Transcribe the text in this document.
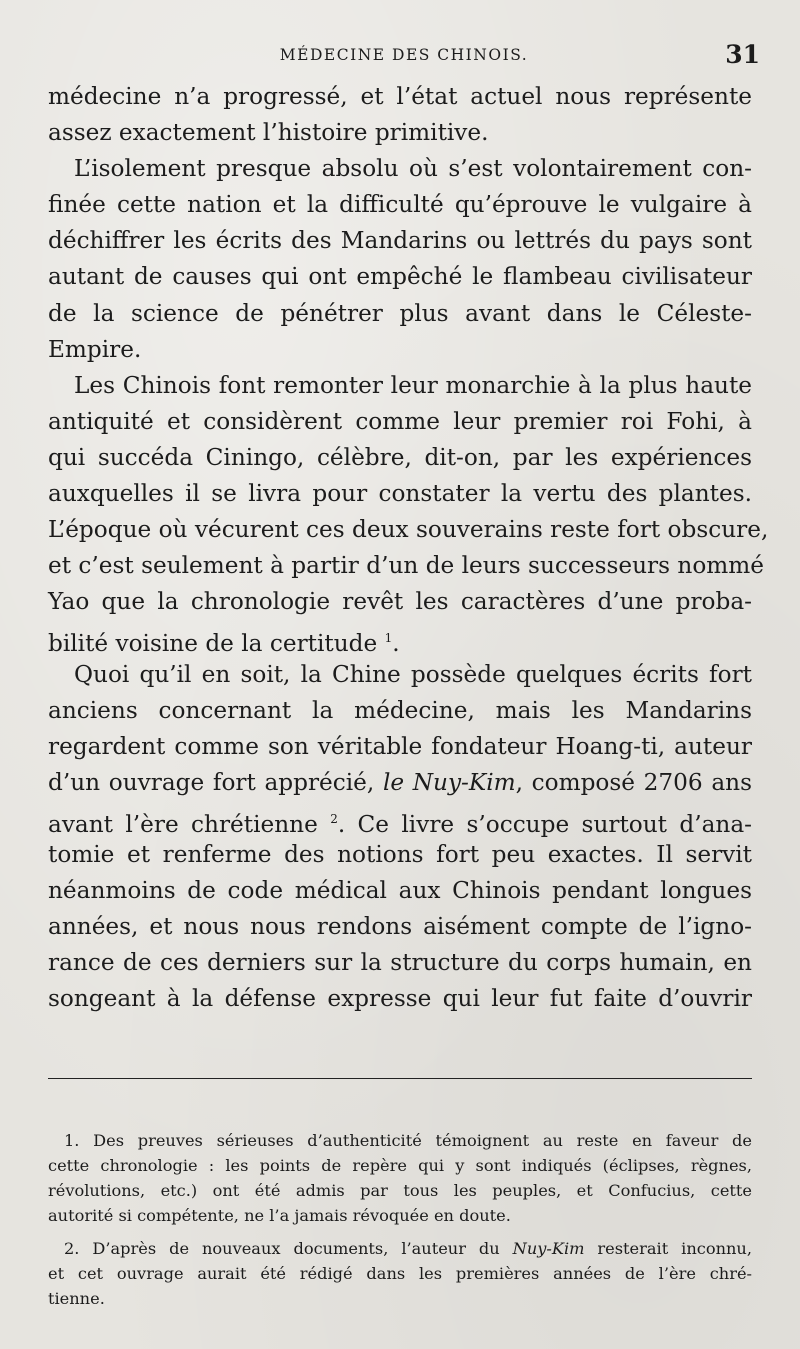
MÉDECINE DES CHINOIS.	31
médecine n’a progressé, et l’état actuel nous représente
assez exactement l’histoire primitive.
L’isolement presque absolu où s’est volontairement con-
finée cette nation et la difficulté qu’éprouve le vulgaire à
déchiffrer les écrits des Mandarins ou lettrés du pays sont
autant de causes qui ont empêché le flambeau civilisateur
de la science de pénétrer plus avant dans le Céleste-
Empire.
Les Chinois font remonter leur monarchie à la plus haute
antiquité et considèrent comme leur premier roi Fohi, à
qui succéda Ciningo, célèbre, dit-on, par les expériences
auxquelles il se livra pour constater la vertu des plantes.
L’époque où vécurent ces deux souverains reste fort obscure,
et c’est seulement à partir d’un de leurs successeurs nommé
Yao que la chronologie revêt les caractères d’une proba-
bilité voisine de la certitude $^1$.
Quoi qu’il en soit, la Chine possède quelques écrits fort
anciens concernant la médecine, mais les Mandarins
regardent comme son véritable fondateur Hoang-ti, auteur
d’un ouvrage fort apprécié, le Nuy-Kim, composé 2706 ans
avant l’ère chrétienne $^2$. Ce livre s’occupe surtout d’ana-
tomie et renferme des notions fort peu exactes. Il servit
néanmoins de code médical aux Chinois pendant longues
années, et nous nous rendons aisément compte de l’igno-
rance de ces derniers sur la structure du corps humain, en
songeant à la défense expresse qui leur fut faite d’ouvrir
1. Des preuves sérieuses d’authenticité témoignent au reste en faveur de
cette chronologie : les points de repère qui y sont indiqués (éclipses, règnes,
révolutions, etc.) ont été admis par tous les peuples, et Confucius, cette
autorité si compétente, ne l’a jamais révoquée en doute.
2. D’après de nouveaux documents, l’auteur du Nuy-Kim resterait inconnu,
et cet ouvrage aurait été rédigé dans les premières années de l’ère chré-
tienne.
